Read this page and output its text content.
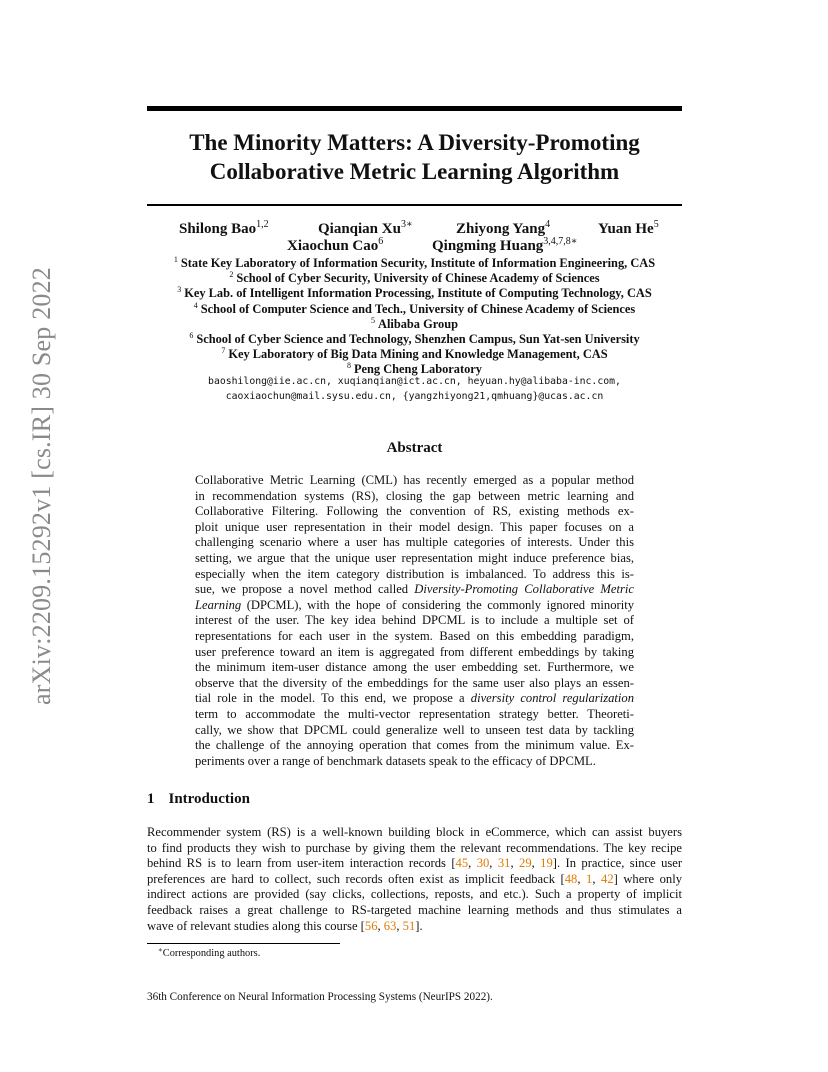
arXiv:2209.15292v1 [cs.IR] 30 Sep 2022
The Minority Matters: A Diversity-Promoting
Collaborative Metric Learning Algorithm
Shilong Bao$^{1,2}$	Qianqian $Xu^{3∗}$	Zhiyong Yang$^4$	Yuan He$^5$
Xiaochun Cao$^6$	Qingming Huang$^{3,4,7,8∗}$
$^1$ State Key Laboratory of Information Security, Institute of Information Engineering, CAS
$^2$ School of Cyber Security, University of Chinese Academy of Sciences
$^3$ Key Lab. of Intelligent Information Processing, Institute of Computing Technology, CAS
$^4$ School of Computer Science and Tech., University of Chinese Academy of Sciences
$^5$ Alibaba Group
$^6$ School of Cyber Science and Technology, Shenzhen Campus, Sun Yat-sen University
$^7$ Key Laboratory of Big Data Mining and Knowledge Management, CAS
$^8$ Peng Cheng Laboratory
baoshilong@iie.ac.cn, xuqianqian@ict.ac.cn, heyuan.hy@alibaba-inc.com,
caoxiaochun@mail.sysu.edu.cn, {yangzhiyong21,qmhuang}@ucas.ac.cn
Abstract
Collaborative Metric Learning (CML) has recently emerged as a popular method
in recommendation systems (RS), closing the gap between metric learning and
Collaborative Filtering. Following the convention of RS, existing methods ex-
ploit unique user representation in their model design. This paper focuses on a
challenging scenario where a user has multiple categories of interests. Under this
setting, we argue that the unique user representation might induce preference bias,
especially when the item category distribution is imbalanced. To address this is-
sue, we propose a novel method called Diversity-Promoting Collaborative Metric
Learning (DPCML), with the hope of considering the commonly ignored minority
interest of the user. The key idea behind DPCML is to include a multiple set of
representations for each user in the system. Based on this embedding paradigm,
user preference toward an item is aggregated from different embeddings by taking
the minimum item-user distance among the user embedding set. Furthermore, we
observe that the diversity of the embeddings for the same user also plays an essen-
tial role in the model. To this end, we propose a diversity control regularization
term to accommodate the multi-vector representation strategy better. Theoreti-
cally, we show that DPCML could generalize well to unseen test data by tackling
the challenge of the annoying operation that comes from the minimum value. Ex-
periments over a range of benchmark datasets speak to the efficacy of DPCML.
1 Introduction
Recommender system (RS) is a well-known building block in eCommerce, which can assist buyers
to find products they wish to purchase by giving them the relevant recommendations. The key recipe
behind RS is to learn from user-item interaction records [45, 30, 31, 29, 19]. In practice, since user
preferences are hard to collect, such records often exist as implicit feedback [48, 1, 42] where only
indirect actions are provided (say clicks, collections, reposts, and etc.). Such a property of implicit
feedback raises a great challenge to RS-targeted machine learning methods and thus stimulates a
wave of relevant studies along this course [56, 63, 51].
∗Corresponding authors.
36th Conference on Neural Information Processing Systems (NeurIPS 2022).
